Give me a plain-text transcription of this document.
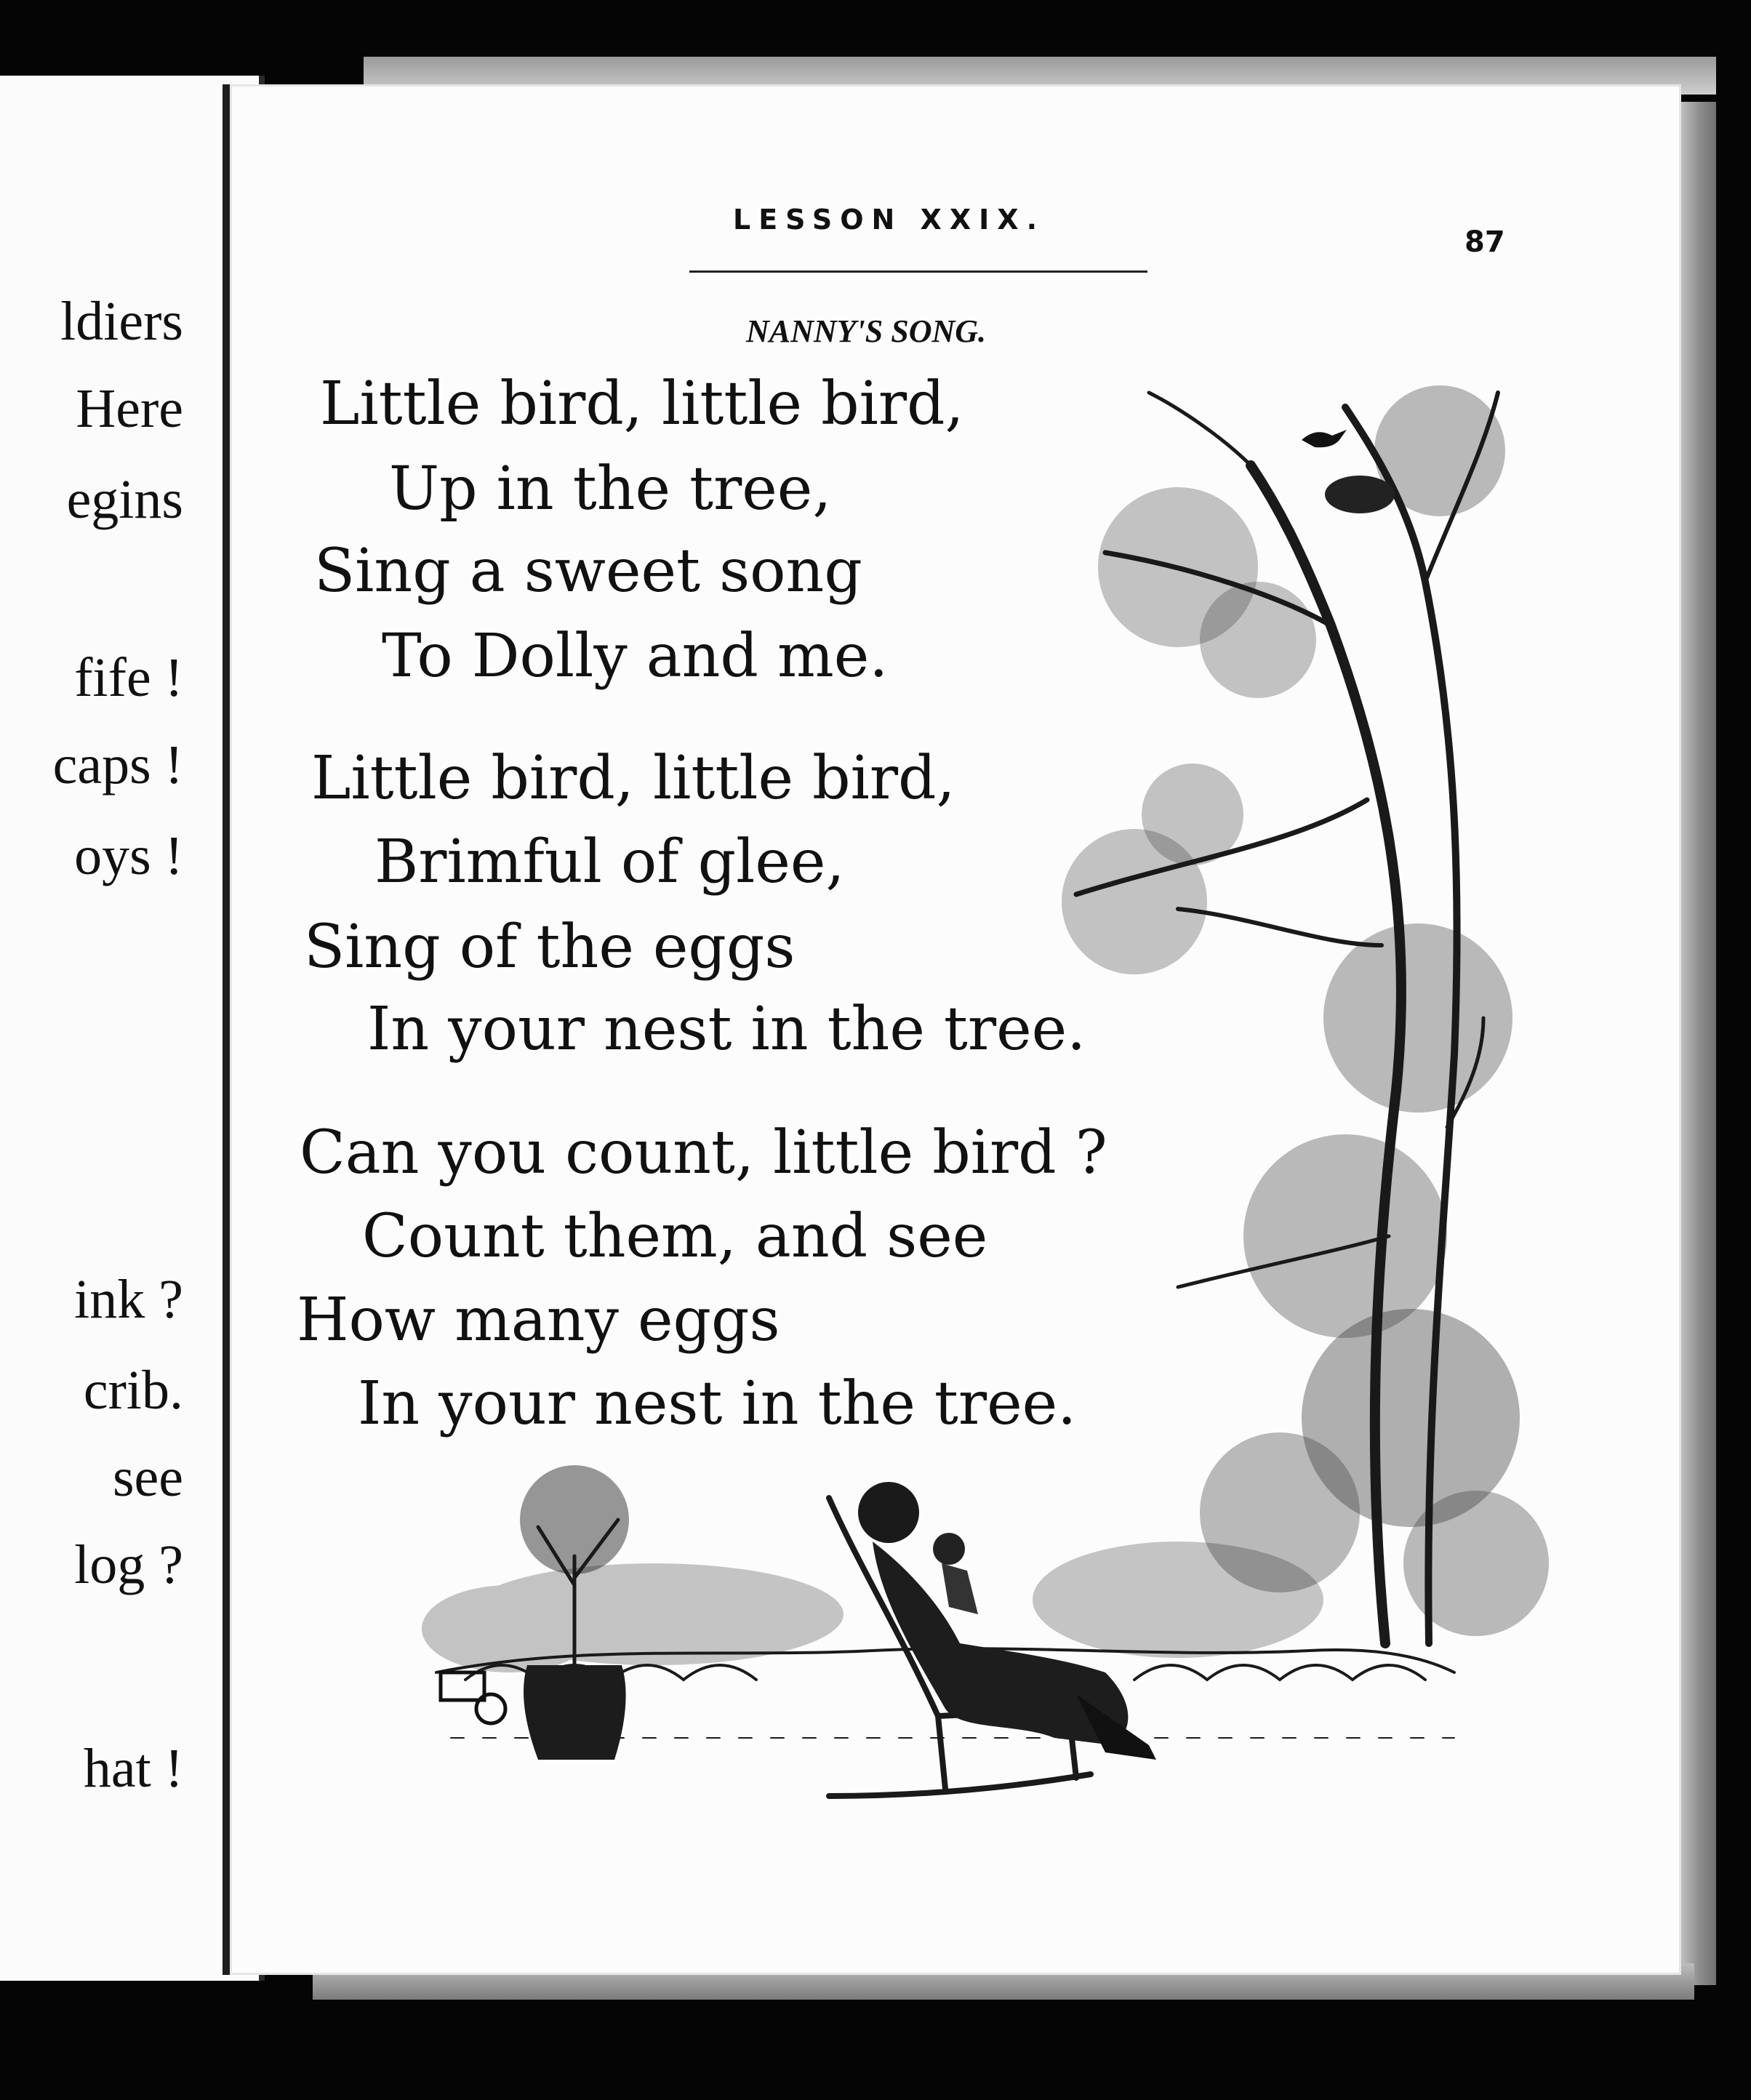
ldiers
Here
egins
fife !
caps !
oys !
ink ?
crib.
see
log ?
hat !
LESSON XXIX.
87
NANNY'S SONG.
Little bird, little bird,
Up in the tree,
Sing a sweet song
To Dolly and me.
Little bird, little bird,
Brimful of glee,
Sing of the eggs
In your nest in the tree.
Can you count, little bird ?
Count them, and see
How many eggs
In your nest in the tree.
